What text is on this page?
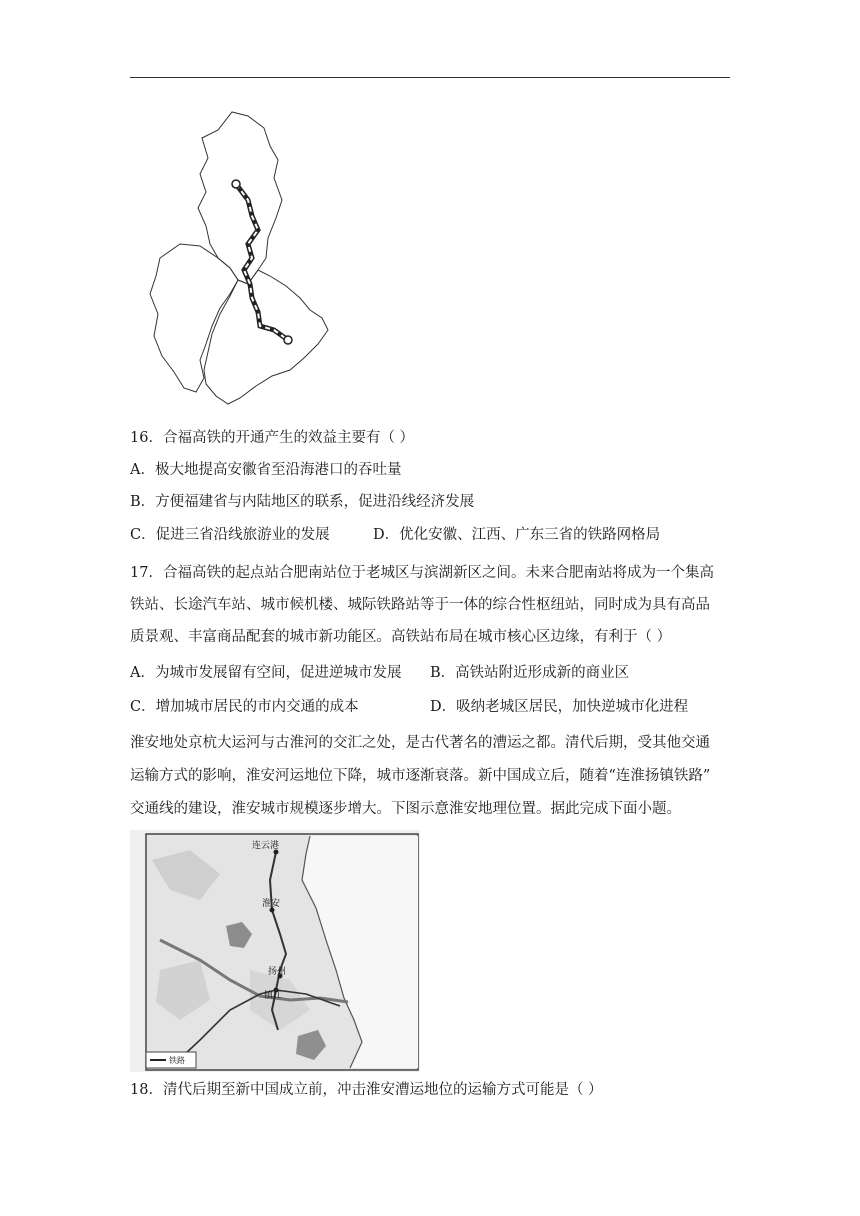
16．合福高铁的开通产生的效益主要有（ ）
A．极大地提高安徽省至沿海港口的吞吐量
B．方便福建省与内陆地区的联系，促进沿线经济发展
C．促进三省沿线旅游业的发展	D．优化安徽、江西、广东三省的铁路网格局
17．合福高铁的起点站合肥南站位于老城区与滨湖新区之间。未来合肥南站将成为一个集高
铁站、长途汽车站、城市候机楼、城际铁路站等于一体的综合性枢纽站，同时成为具有高品
质景观、丰富商品配套的城市新功能区。高铁站布局在城市核心区边缘，有利于（ ）
A．为城市发展留有空间，促进逆城市发展 B．高铁站附近形成新的商业区
C．增加城市居民的市内交通的成本	D．吸纳老城区居民，加快逆城市化进程
淮安地处京杭大运河与古淮河的交汇之处，是古代著名的漕运之都。清代后期，受其他交通
运输方式的影响，淮安河运地位下降，城市逐渐衰落。新中国成立后，随着“连淮扬镇铁路”
交通线的建设，淮安城市规模逐步增大。下图示意淮安地理位置。据此完成下面小题。
连云港
淮安
扬州
镇江
铁路
18．清代后期至新中国成立前，冲击淮安漕运地位的运输方式可能是（ ）
